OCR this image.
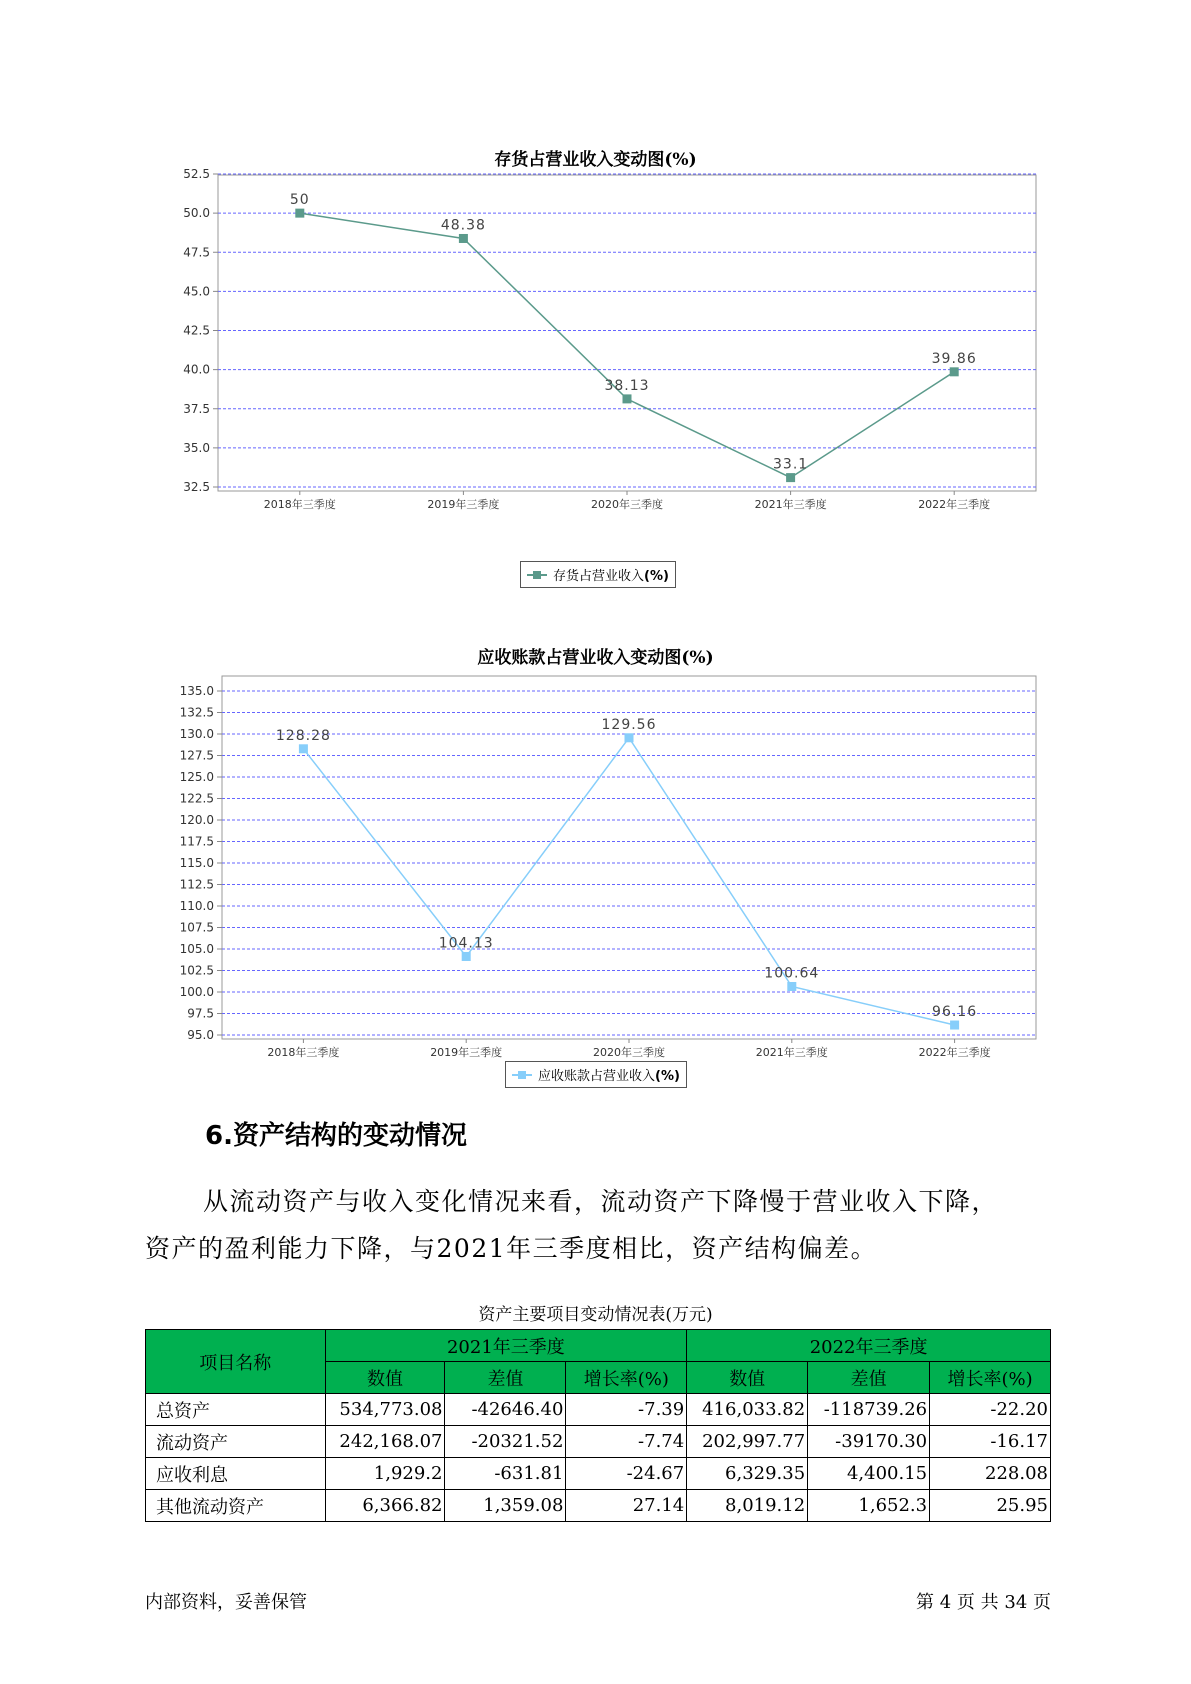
存货占营业收入变动图(%)
32.5
35.0
37.5
40.0
42.5
45.0
47.5
50.0
52.5
2018年三季度	2019年三季度	2020年三季度	2021年三季度	2022年三季度
50
48.38
38.13
33.1
39.86
存货占营业收入(%)
应收账款占营业收入变动图(%)
95.0
97.5
100.0
102.5
105.0
107.5
110.0
112.5
115.0
117.5
120.0
122.5
125.0
127.5
130.0
132.5
135.0
2018年三季度	2019年三季度	2020年三季度	2021年三季度	2022年三季度
128.28
104.13
129.56
100.64
96.16
应收账款占营业收入(%)
6.资产结构的变动情况
从流动资产与收入变化情况来看，流动资产下降慢于营业收入下降，
资产的盈利能力下降，与2021年三季度相比，资产结构偏差。
资产主要项目变动情况表(万元)
项目名称	2021年三季度			2022年三季度		
	数值	差值	增长率(%)	数值	差值	增长率(%)
总资产	534,773.08	-42646.40	-7.39	416,033.82	-118739.26	-22.20
流动资产	242,168.07	-20321.52	-7.74	202,997.77	-39170.30	-16.17
应收利息	1,929.2	-631.81	-24.67	6,329.35	4,400.15	228.08
其他流动资产	6,366.82	1,359.08	27.14	8,019.12	1,652.3	25.95
内部资料，妥善保管	第 4 页 共 34 页
